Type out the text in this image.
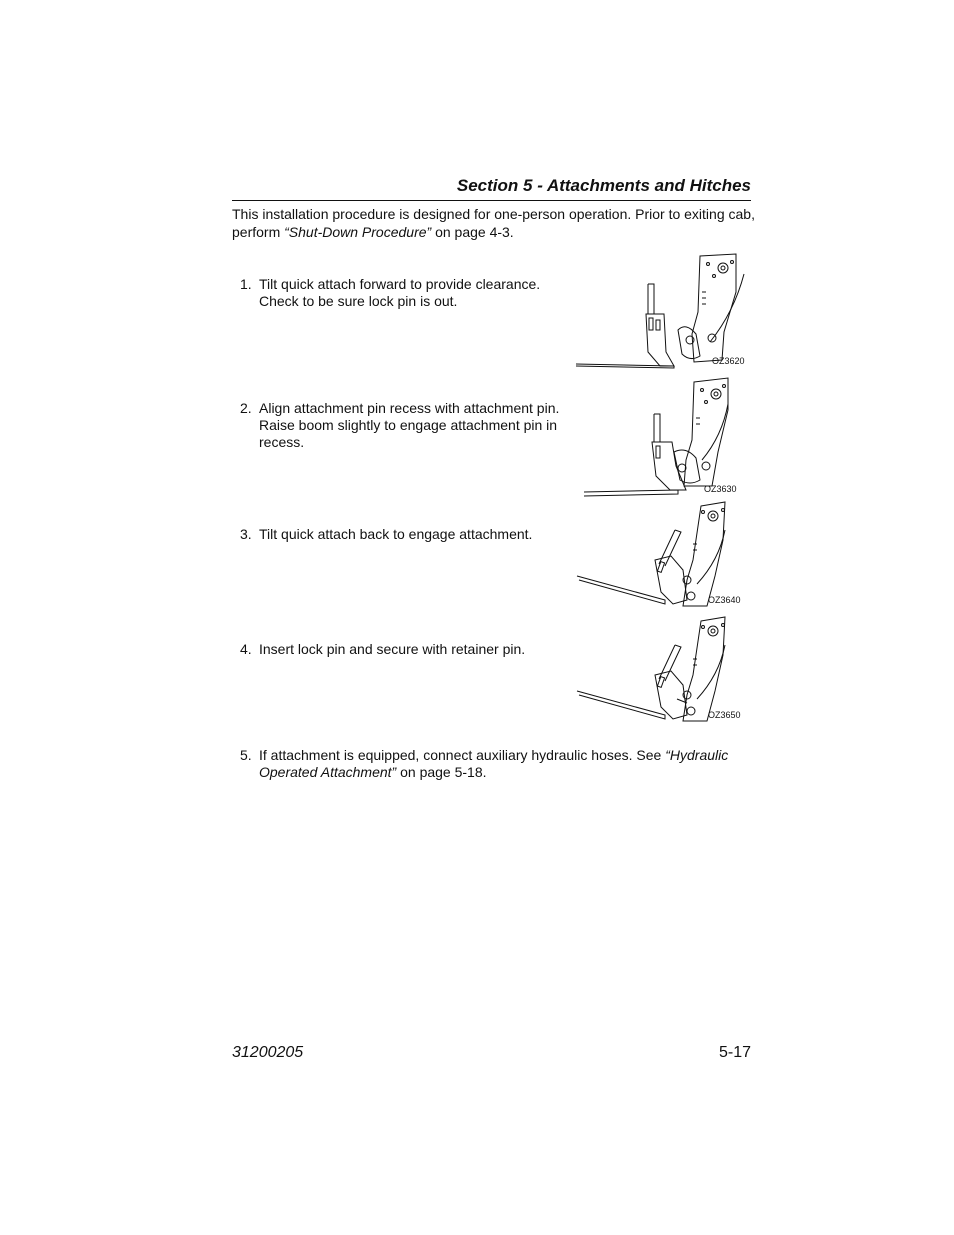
Section 5 - Attachments and Hitches
This installation procedure is designed for one-person operation. Prior to exiting cab, perform “Shut-Down Procedure” on page 4-3.
1. Tilt quick attach forward to provide clearance.
Check to be sure lock pin is out.
2. Align attachment pin recess with attachment pin.
Raise boom slightly to engage attachment pin in
recess.
3. Tilt quick attach back to engage attachment.
4. Insert lock pin and secure with retainer pin.
5. If attachment is equipped, connect auxiliary hydraulic hoses. See “Hydraulic
Operated Attachment” on page 5-18.
OZ3620
OZ3630
OZ3640
OZ3650
31200205	5-17
